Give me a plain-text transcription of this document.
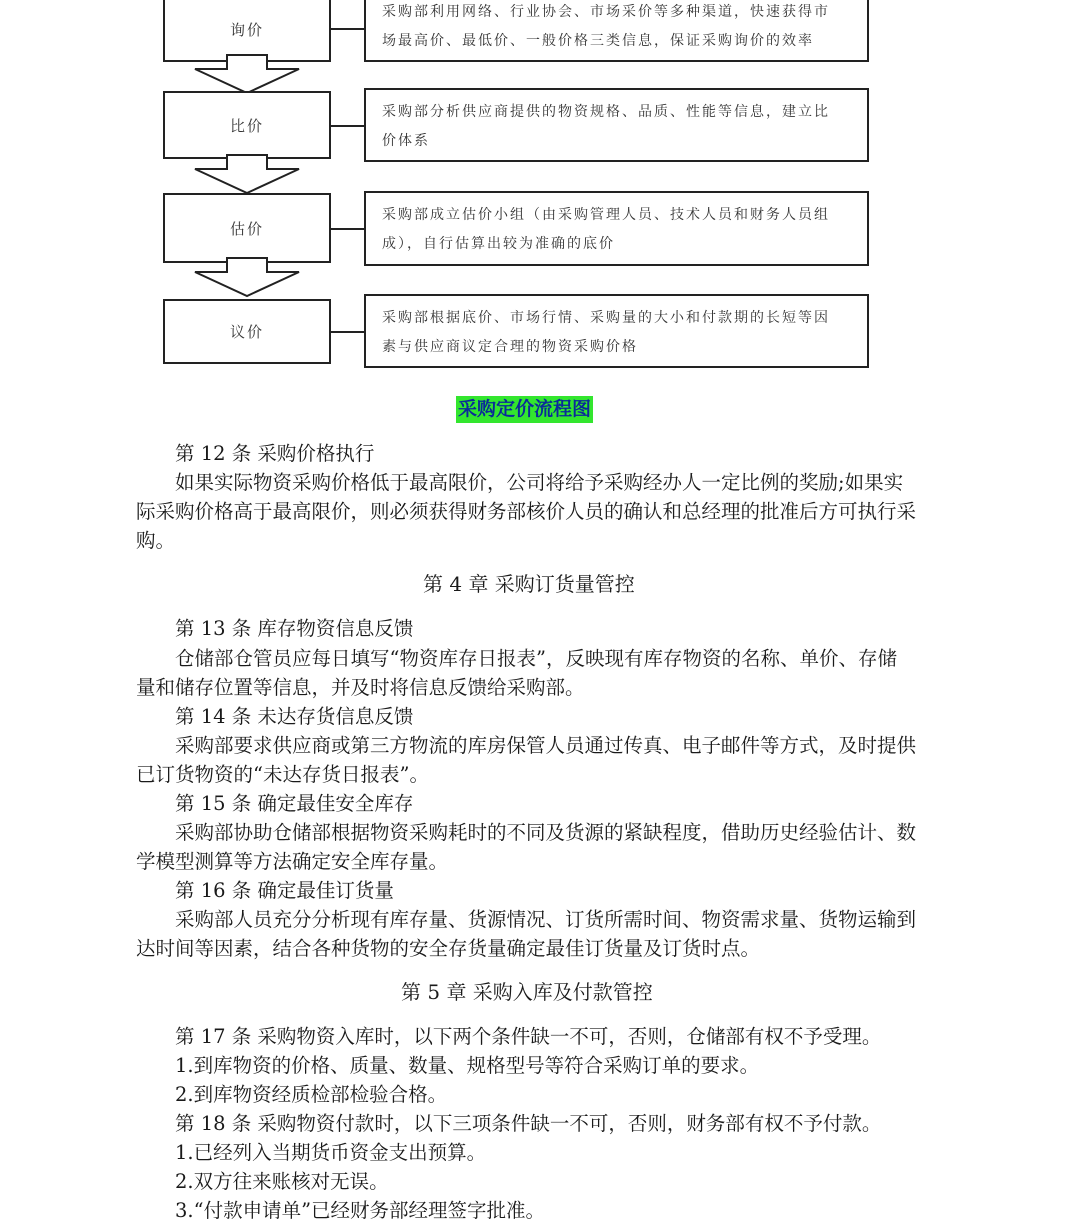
询价
采购部利用网络、行业协会、市场采价等多种渠道，快速获得市
场最高价、最低价、一般价格三类信息，保证采购询价的效率
比价
采购部分析供应商提供的物资规格、品质、性能等信息，建立比
价体系
估价
采购部成立估价小组（由采购管理人员、技术人员和财务人员组
成），自行估算出较为准确的底价
议价
采购部根据底价、市场行情、采购量的大小和付款期的长短等因
素与供应商议定合理的物资采购价格
采购定价流程图
第 12 条 采购价格执行
如果实际物资采购价格低于最高限价，公司将给予采购经办人一定比例的奖励;如果实
际采购价格高于最高限价，则必须获得财务部核价人员的确认和总经理的批准后方可执行采
购。
第 4 章 采购订货量管控
第 13 条 库存物资信息反馈
仓储部仓管员应每日填写“物资库存日报表”，反映现有库存物资的名称、单价、存储
量和储存位置等信息，并及时将信息反馈给采购部。
第 14 条 未达存货信息反馈
采购部要求供应商或第三方物流的库房保管人员通过传真、电子邮件等方式，及时提供
已订货物资的“未达存货日报表”。
第 15 条 确定最佳安全库存
采购部协助仓储部根据物资采购耗时的不同及货源的紧缺程度，借助历史经验估计、数
学模型测算等方法确定安全库存量。
第 16 条 确定最佳订货量
采购部人员充分分析现有库存量、货源情况、订货所需时间、物资需求量、货物运输到
达时间等因素，结合各种货物的安全存货量确定最佳订货量及订货时点。
第 5 章 采购入库及付款管控
第 17 条 采购物资入库时，以下两个条件缺一不可，否则，仓储部有权不予受理。
1.到库物资的价格、质量、数量、规格型号等符合采购订单的要求。
2.到库物资经质检部检验合格。
第 18 条 采购物资付款时，以下三项条件缺一不可，否则，财务部有权不予付款。
1.已经列入当期货币资金支出预算。
2.双方往来账核对无误。
3.“付款申请单”已经财务部经理签字批准。
